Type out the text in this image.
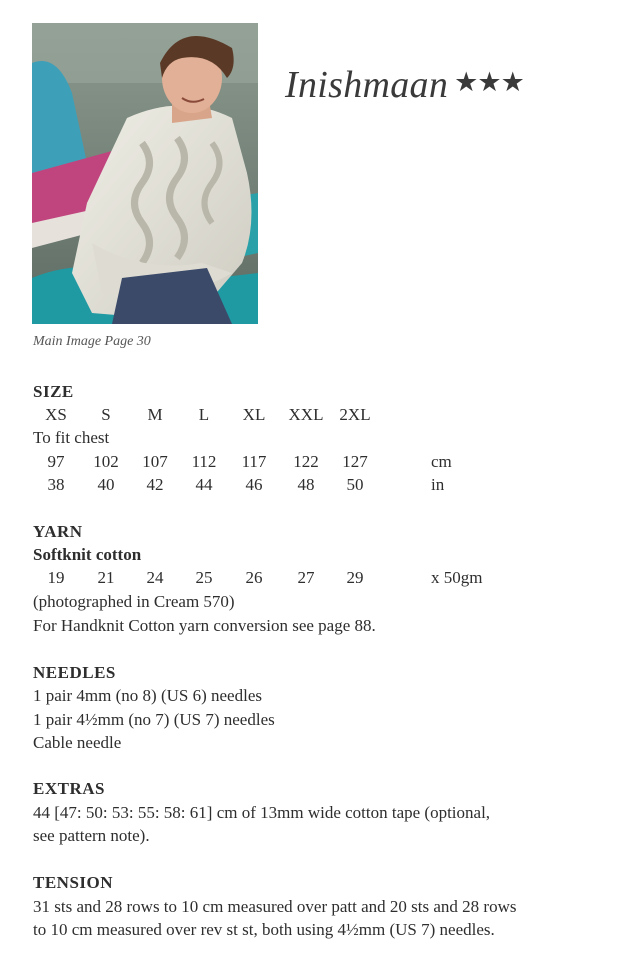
Inishmaan ★★★
Main Image Page 30
SIZE
XS S M L XL XXL 2XL
To fit chest
97 102 107 112 117 122 127	cm
38 40 42 44 46 48 50	in
YARN
Softknit cotton
19 21 24 25 26 27 29	x 50gm
(photographed in Cream 570)
For Handknit Cotton yarn conversion see page 88.
NEEDLES
1 pair 4mm (no 8) (US 6) needles
1 pair 4½mm (no 7) (US 7) needles
Cable needle
EXTRAS
44 [47: 50: 53: 55: 58: 61] cm of 13mm wide cotton tape (optional,
see pattern note).
TENSION
31 sts and 28 rows to 10 cm measured over patt and 20 sts and 28 rows
to 10 cm measured over rev st st, both using 4½mm (US 7) needles.
